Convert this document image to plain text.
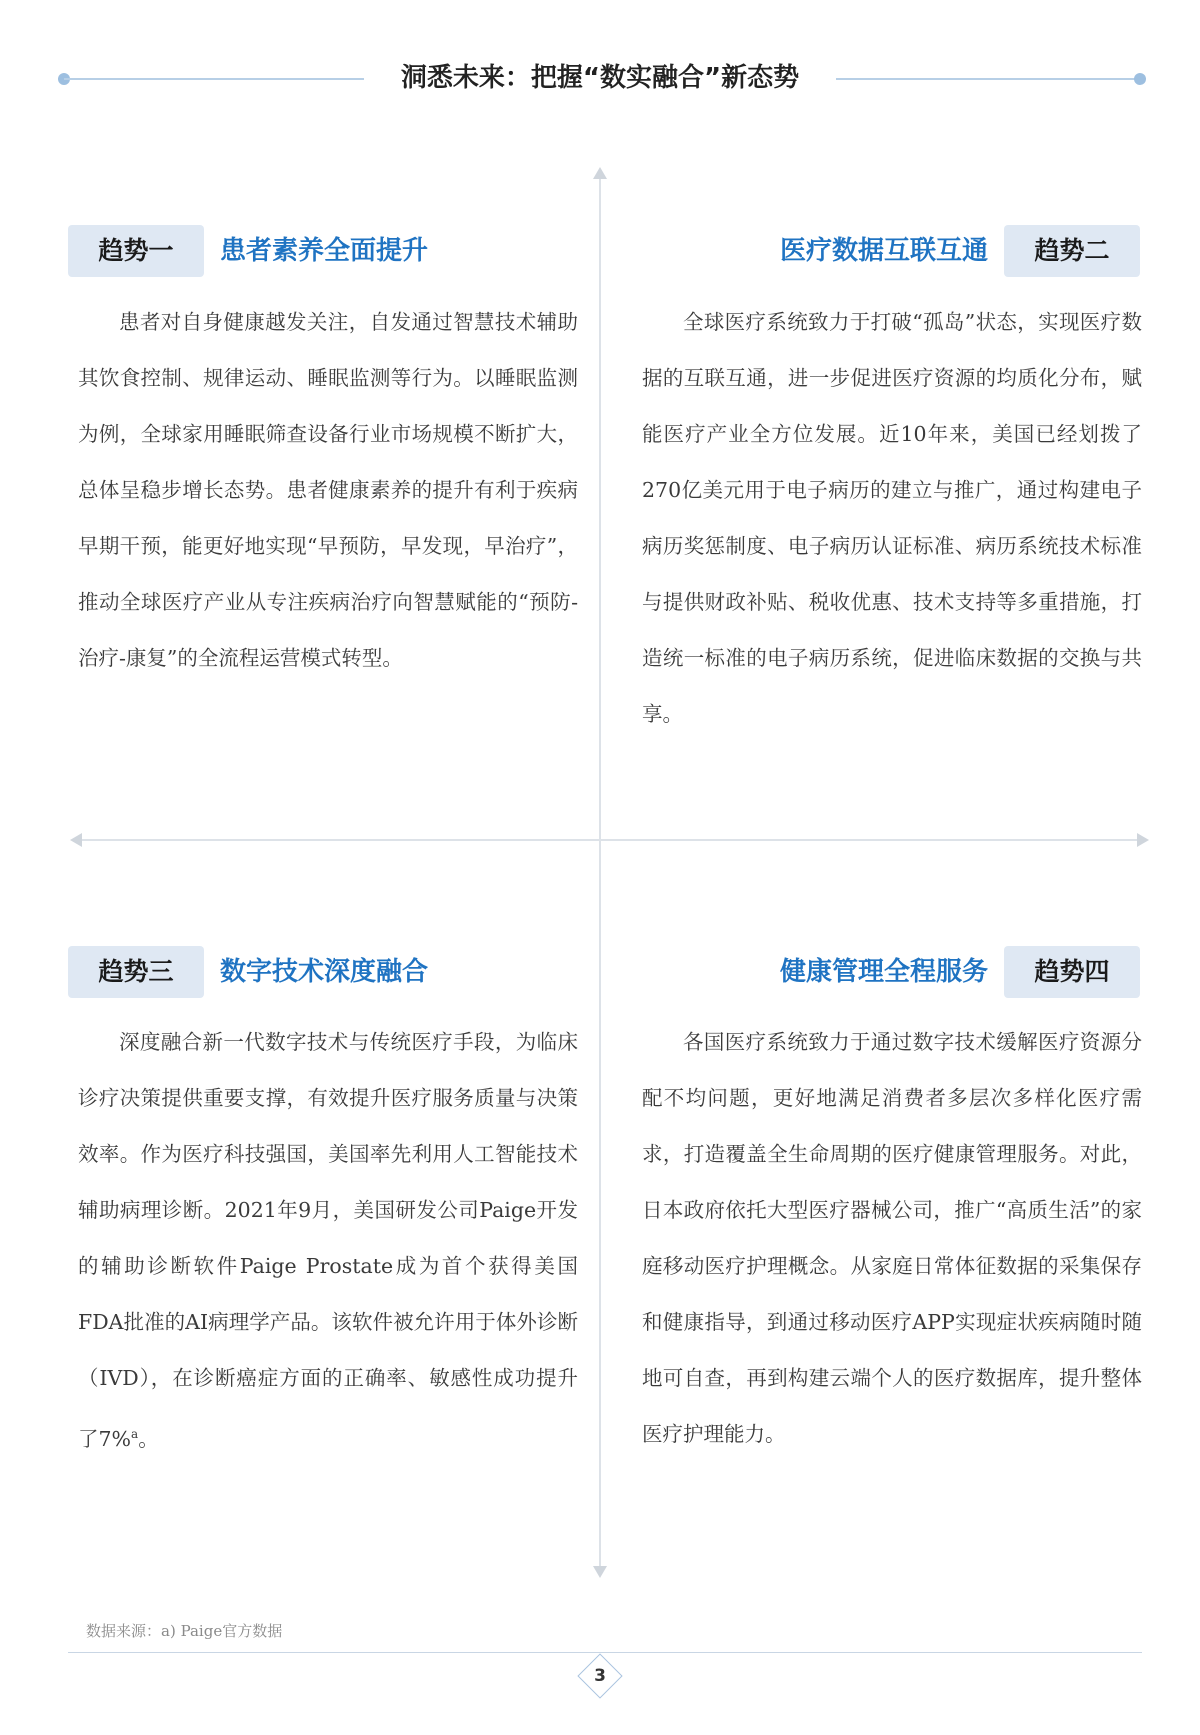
洞悉未来：把握“数实融合”新态势
趋势一	患者素养全面提升

患者对自身健康越发关注，自发通过智慧技术辅助其饮食控制、规律运动、睡眠监测等行为。以睡眠监测为例，全球家用睡眠筛查设备行业市场规模不断扩大，总体呈稳步增长态势。患者健康素养的提升有利于疾病早期干预，能更好地实现“早预防，早发现，早治疗”，推动全球医疗产业从专注疾病治疗向智慧赋能的“预防-治疗-康复”的全流程运营模式转型。

医疗数据互联互通	趋势二

全球医疗系统致力于打破“孤岛”状态，实现医疗数据的互联互通，进一步促进医疗资源的均质化分布，赋能医疗产业全方位发展。近10年来，美国已经划拨了270亿美元用于电子病历的建立与推广，通过构建电子病历奖惩制度、电子病历认证标准、病历系统技术标准与提供财政补贴、税收优惠、技术支持等多重措施，打造统一标准的电子病历系统，促进临床数据的交换与共享。

趋势三	数字技术深度融合

深度融合新一代数字技术与传统医疗手段，为临床诊疗决策提供重要支撑，有效提升医疗服务质量与决策效率。作为医疗科技强国，美国率先利用人工智能技术辅助病理诊断。2021年9月，美国研发公司Paige开发的辅助诊断软件Paige Prostate成为首个获得美国FDA批准的AI病理学产品。该软件被允许用于体外诊断（IVD），在诊断癌症方面的正确率、敏感性成功提升了7%$^a$。

健康管理全程服务	趋势四

各国医疗系统致力于通过数字技术缓解医疗资源分配不均问题，更好地满足消费者多层次多样化医疗需求，打造覆盖全生命周期的医疗健康管理服务。对此，日本政府依托大型医疗器械公司，推广“高质生活”的家庭移动医疗护理概念。从家庭日常体征数据的采集保存和健康指导，到通过移动医疗APP实现症状疾病随时随地可自查，再到构建云端个人的医疗数据库，提升整体医疗护理能力。

数据来源：a) Paige官方数据
3
